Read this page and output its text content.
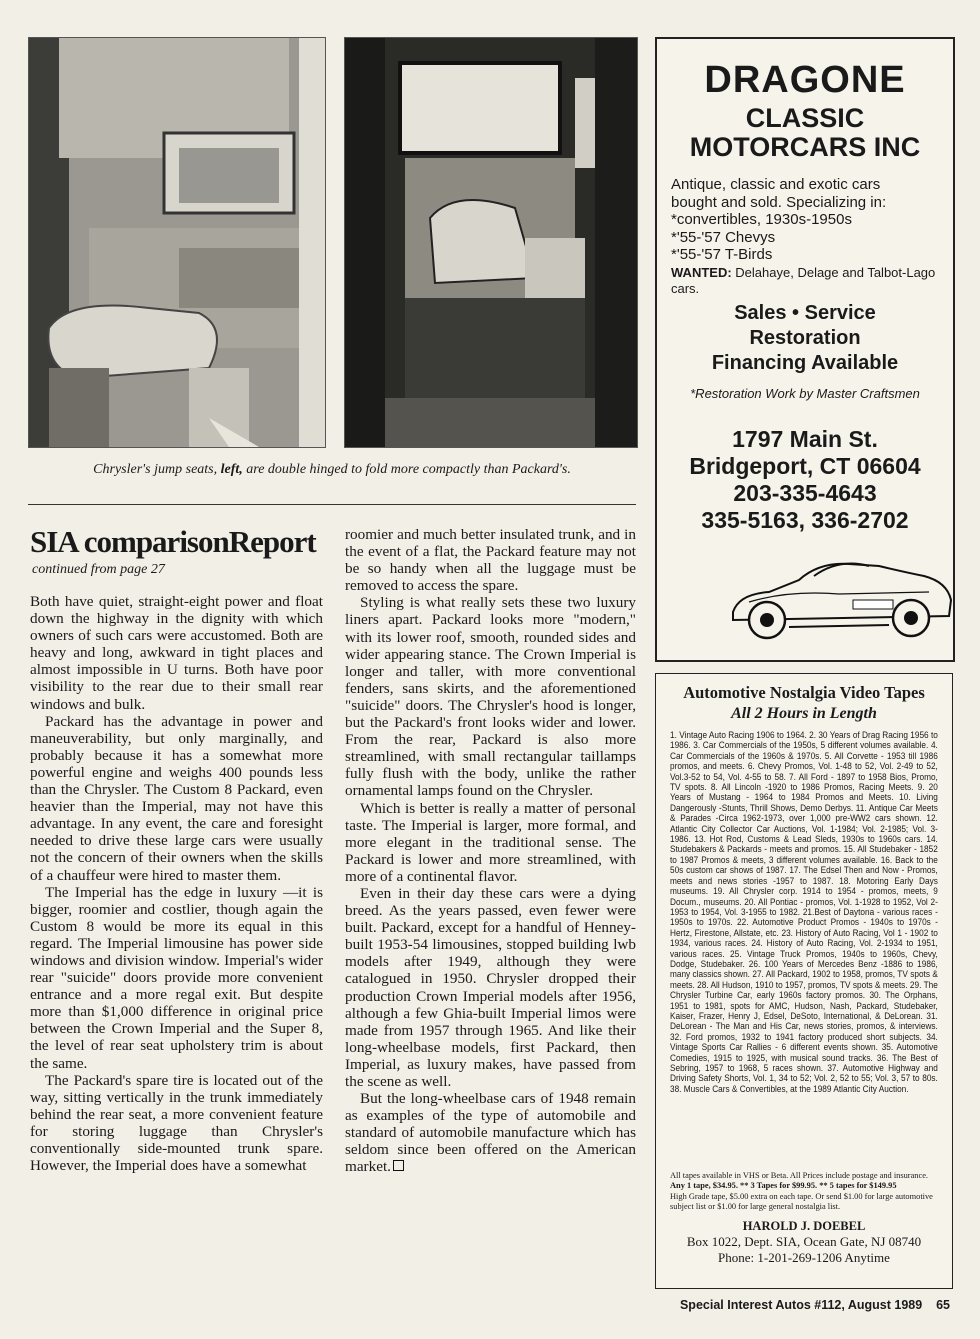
Chrysler's jump seats, left, are double hinged to fold more compactly than Packard's.
SIA comparisonReport
continued from page 27

Both have quiet, straight-eight power and float down the highway in the dignity with which owners of such cars were accustomed. Both are heavy and long, awkward in tight places and almost impossible in U turns. Both have poor visibility to the rear due to their small rear windows and bulk.

Packard has the advantage in power and maneuverability, but only marginally, and probably because it has a somewhat more powerful engine and weighs 400 pounds less than the Chrysler. The Custom 8 Packard, even heavier than the Imperial, may not have this advantage. In any event, the care and foresight needed to drive these large cars were usually not the concern of their owners when the skills of a chauffeur were hired to master them.

The Imperial has the edge in luxury —it is bigger, roomier and costlier, though again the Custom 8 would be more its equal in this regard. The Imperial limousine has power side windows and division window. Imperial's wider rear "suicide" doors provide more convenient entrance and a more regal exit. But despite more than $1,000 difference in original price between the Crown Imperial and the Super 8, the level of rear seat upholstery trim is about the same.

The Packard's spare tire is located out of the way, sitting vertically in the trunk immediately behind the rear seat, a more convenient feature for storing luggage than Chrysler's conventionally side-mounted trunk spare. However, the Imperial does have a somewhat

roomier and much better insulated trunk, and in the event of a flat, the Packard feature may not be so handy when all the luggage must be removed to access the spare.

Styling is what really sets these two luxury liners apart. Packard looks more "modern," with its lower roof, smooth, rounded sides and wider appearing stance. The Crown Imperial is longer and taller, with more conventional fenders, sans skirts, and the aforementioned "suicide" doors. The Chrysler's hood is longer, but the Packard's front looks wider and lower. From the rear, Packard is also more streamlined, with small rectangular taillamps fully flush with the body, unlike the rather ornamental lamps found on the Chrysler.

Which is better is really a matter of personal taste. The Imperial is larger, more formal, and more elegant in the traditional sense. The Packard is lower and more streamlined, with more of a continental flavor.

Even in their day these cars were a dying breed. As the years passed, even fewer were built. Packard, except for a handful of Henney-built 1953-54 limousines, stopped building lwb models after 1949, although they were catalogued in 1950. Chrysler dropped their production Crown Imperial models after 1956, although a few Ghia-built Imperial limos were made from 1957 through 1965. And like their long-wheelbase models, first Packard, then Imperial, as luxury makes, have passed from the scene as well.

But the long-wheelbase cars of 1948 remain as examples of the type of automobile and standard of automobile manufacture which has seldom since been offered on the American market.

DRAGONE
CLASSIC
MOTORCARS INC
Antique, classic and exotic cars
bought and sold. Specializing in:
*convertibles, 1930s-1950s
*'55-'57 Chevys
*'55-'57 T-Birds
WANTED: Delahaye, Delage and Talbot-Lago cars.
Sales • Service
Restoration
Financing Available
*Restoration Work by Master Craftsmen
1797 Main St.
Bridgeport, CT 06604
203-335-4643
335-5163, 336-2702
Automotive Nostalgia Video Tapes
All 2 Hours in Length
1. Vintage Auto Racing 1906 to 1964. 2. 30 Years of Drag Racing 1956 to 1986. 3. Car Commercials of the 1950s, 5 different volumes available. 4. Car Commercials of the 1960s & 1970s. 5. All Corvette - 1953 till 1986 promos, and meets. 6. Chevy Promos, Vol. 1-48 to 52, Vol. 2-49 to 52, Vol.3-52 to 54, Vol. 4-55 to 58. 7. All Ford - 1897 to 1958 Bios, Promo, TV spots. 8. All Lincoln -1920 to 1986 Promos, Racing Meets. 9. 20 Years of Mustang - 1964 to 1984 Promos and Meets. 10. Living Dangerously -Stunts, Thrill Shows, Demo Derbys. 11. Antique Car Meets & Parades -Circa 1962-1973, over 1,000 pre-WW2 cars shown. 12. Atlantic City Collector Car Auctions, Vol. 1-1984; Vol. 2-1985; Vol. 3-1986. 13. Hot Rod, Customs & Lead Sleds, 1930s to 1960s cars. 14. Studebakers & Packards - meets and promos. 15. All Studebaker - 1852 to 1987 Promos & meets, 3 different volumes available. 16. Back to the 50s custom car shows of 1987. 17. The Edsel Then and Now - Promos, meets and news stories -1957 to 1987. 18. Motoring Early Days museums. 19. All Chrysler corp. 1914 to 1954 - promos, meets, 9 Docum., museums. 20. All Pontiac - promos, Vol. 1-1928 to 1952, Vol 2-1953 to 1954, Vol. 3-1955 to 1982. 21.Best of Daytona - various races - 1950s to 1970s. 22. Automotive Product Promos - 1940s to 1970s - Hertz, Firestone, Allstate, etc. 23. History of Auto Racing, Vol 1 - 1902 to 1934, various races. 24. History of Auto Racing, Vol. 2-1934 to 1951, various races. 25. Vintage Truck Promos, 1940s to 1960s, Chevy, Dodge, Studebaker. 26. 100 Years of Mercedes Benz -1886 to 1986, many classics shown. 27. All Packard, 1902 to 1958, promos, TV spots & meets. 28. All Hudson, 1910 to 1957, promos, TV spots & meets. 29. The Chrysler Turbine Car, early 1960s factory promos. 30. The Orphans, 1951 to 1981, spots for AMC, Hudson, Nash, Packard, Studebaker, Kaiser, Frazer, Henry J, Edsel, DeSoto, International, & DeLorean. 31. DeLorean - The Man and His Car, news stories, promos, & interviews. 32. Ford promos, 1932 to 1941 factory produced short subjects. 34. Vintage Sports Car Rallies - 6 different events shown. 35. Automotive Comedies, 1915 to 1925, with musical sound tracks. 36. The Best of Sebring, 1957 to 1968, 5 races shown. 37. Automotive Highway and Driving Safety Shorts, Vol. 1, 34 to 52; Vol. 2, 52 to 55; Vol. 3, 57 to 80s. 38. Muscle Cars & Convertibles, at the 1989 Atlantic City Auction.
All tapes available in VHS or Beta. All Prices include postage and insurance.
Any 1 tape, $34.95. ** 3 Tapes for $99.95. ** 5 tapes for $149.95
High Grade tape, $5.00 extra on each tape. Or send $1.00 for large automotive subject list or $1.00 for large general nostalgia list.
HAROLD J. DOEBEL
Box 1022, Dept. SIA, Ocean Gate, NJ 08740
Phone: 1-201-269-1206 Anytime
Special Interest Autos #112, August 1989    65
